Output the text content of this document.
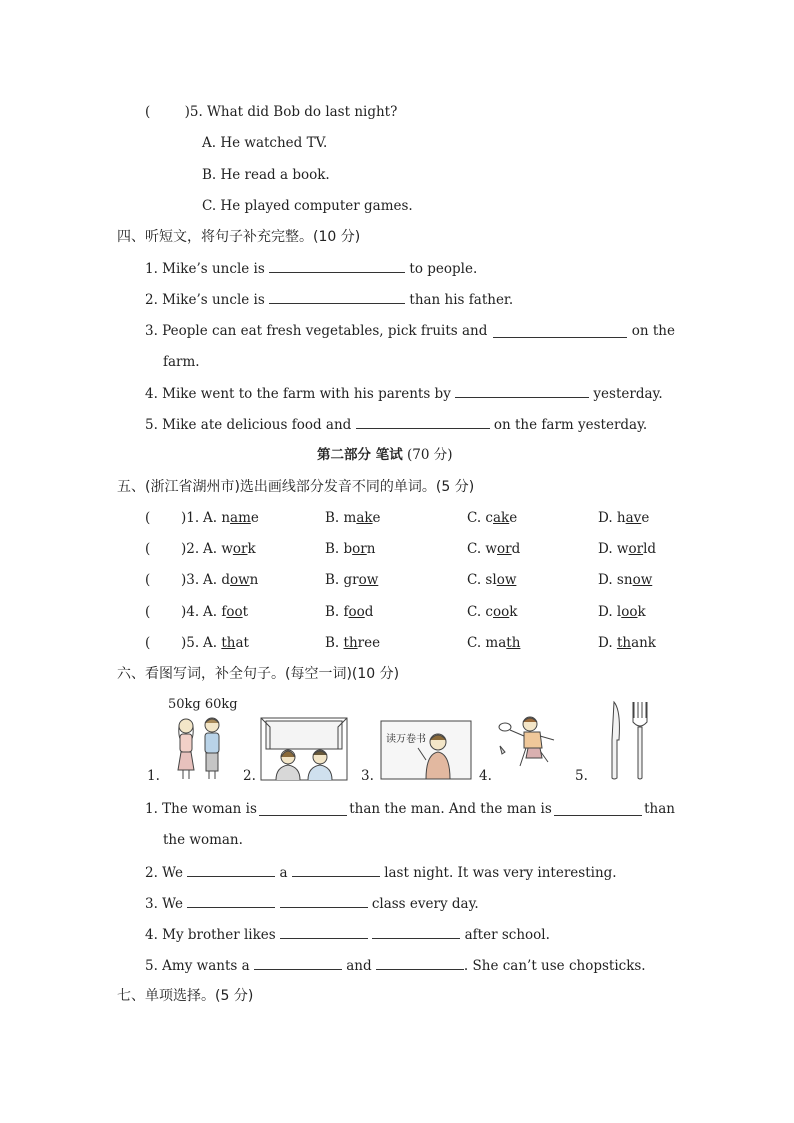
(        )5. What did Bob do last night?
A. He watched TV.
B. He read a book.
C. He played computer games.
四、听短文，将句子补充完整。(10 分)
1. Mike’s uncle is	to people.
2. Mike’s uncle is	than his father.
3. People can eat fresh vegetables, pick fruits and	on the
farm.
4. Mike went to the farm with his parents by	yesterday.
5. Mike ate delicious food and	on the farm yesterday.
第二部分 笔试 (70 分)
五、(浙江省湖州市)选出画线部分发音不同的单词。(5 分)
(
)1. A. name	B. make	C. cake	D. have
(
)2. A. work	B. born	C. word	D. world
(
)3. A. down	B. grow	C. slow	D. snow
(
)4. A. foot	B. food	C. cook	D. look
(
)5. A. that	B. three	C. math	D. thank
六、看图写词，补全句子。(每空一词)(10 分)
50kg 60kg
1.	2.	3.	4.	5.
读万卷书
1. The woman is	than the man. And the man is	than
the woman.
2. We	a	last night. It was very interesting.
3. We	class every day.
4. My brother likes	after school.
5. Amy wants a	and	. She can’t use chopsticks.
七、单项选择。(5 分)
